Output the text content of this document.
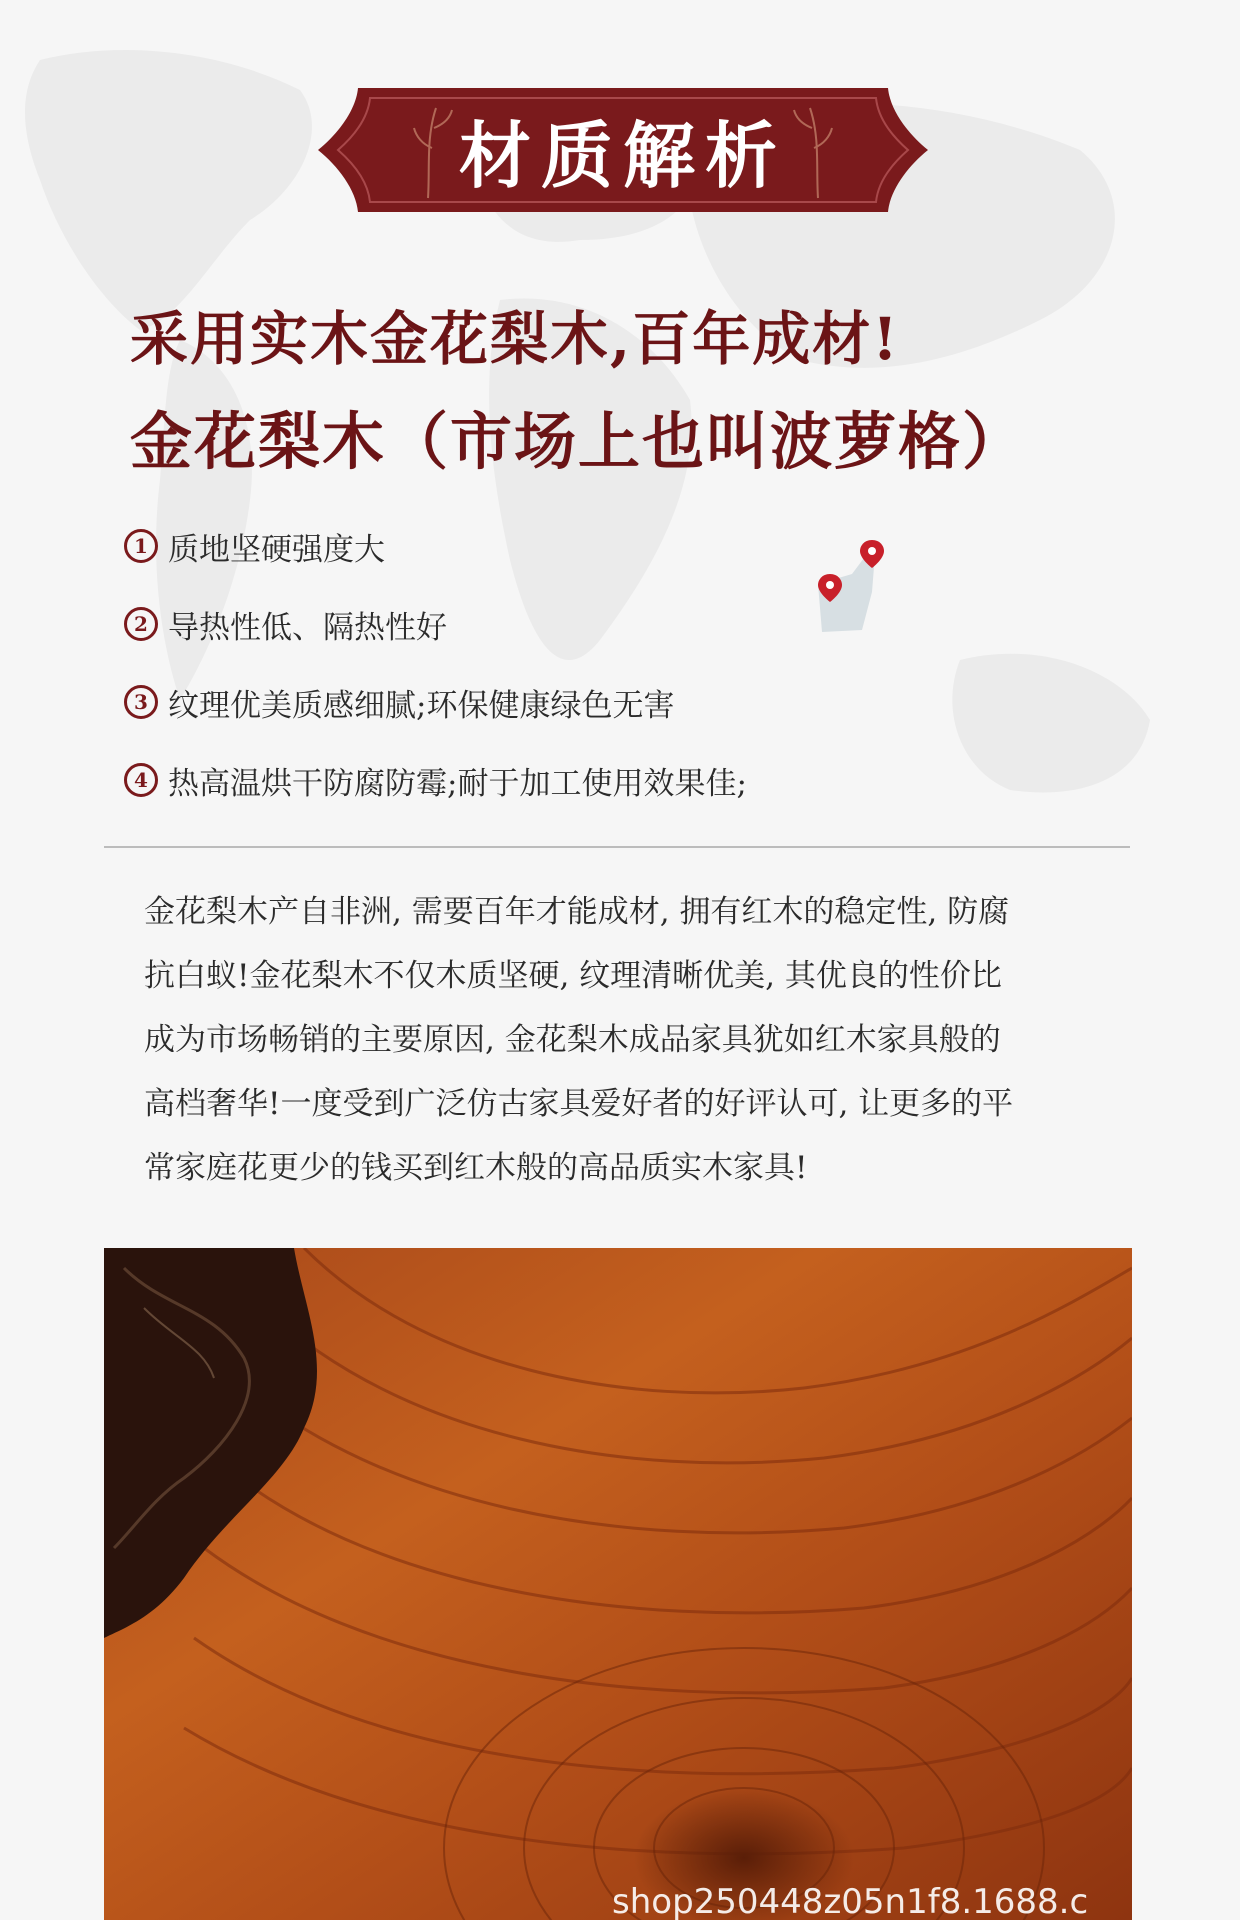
材质解析
采用实木金花梨木,百年成材!
金花梨木（市场上也叫波萝格）
1 质地坚硬强度大
2 导热性低、隔热性好
3 纹理优美质感细腻;环保健康绿色无害
4 热高温烘干防腐防霉;耐于加工使用效果佳;
金花梨木产自非洲, 需要百年才能成材, 拥有红木的稳定性, 防腐
抗白蚁!金花梨木不仅木质坚硬, 纹理清晰优美, 其优良的性价比
成为市场畅销的主要原因, 金花梨木成品家具犹如红木家具般的
高档奢华!一度受到广泛仿古家具爱好者的好评认可, 让更多的平
常家庭花更少的钱买到红木般的高品质实木家具!
shop250448z05n1f8.1688.c
